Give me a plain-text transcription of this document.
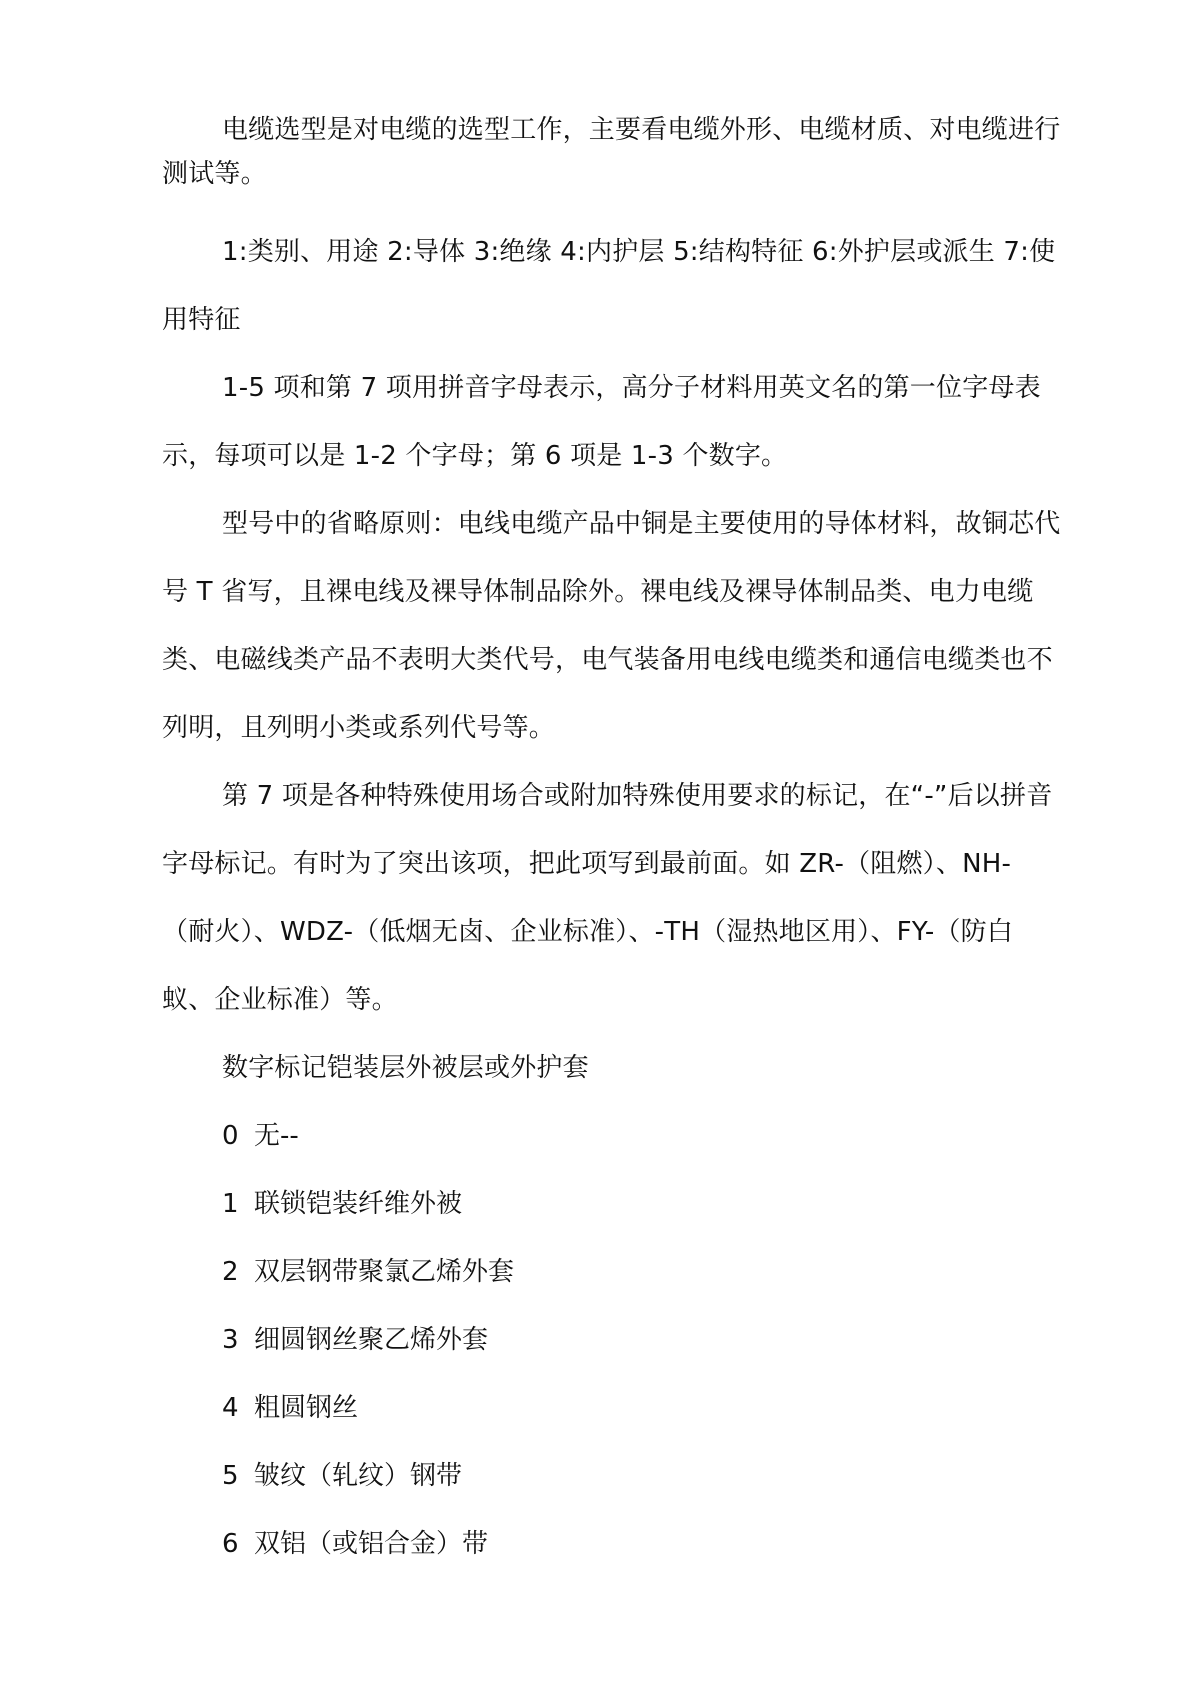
电缆选型是对电缆的选型工作，主要看电缆外形、电缆材质、对电缆进行测试等。

1:类别、用途 2:导体 3:绝缘 4:内护层 5:结构特征 6:外护层或派生 7:使用特征

1-5 项和第 7 项用拼音字母表示，高分子材料用英文名的第一位字母表示，每项可以是 1-2 个字母；第 6 项是 1-3 个数字。

型号中的省略原则：电线电缆产品中铜是主要使用的导体材料，故铜芯代号 T 省写，且裸电线及裸导体制品除外。裸电线及裸导体制品类、电力电缆类、电磁线类产品不表明大类代号，电气装备用电线电缆类和通信电缆类也不列明，且列明小类或系列代号等。

第 7 项是各种特殊使用场合或附加特殊使用要求的标记，在“-”后以拼音字母标记。有时为了突出该项，把此项写到最前面。如 ZR-（阻燃）、NH-（耐火）、WDZ-（低烟无卤、企业标准）、-TH（湿热地区用）、FY-（防白蚁、企业标准）等。

数字标记铠装层外被层或外护套

0 无--
1 联锁铠装纤维外被
2 双层钢带聚氯乙烯外套
3 细圆钢丝聚乙烯外套
4 粗圆钢丝
5 皱纹（轧纹）钢带
6 双铝（或铝合金）带
